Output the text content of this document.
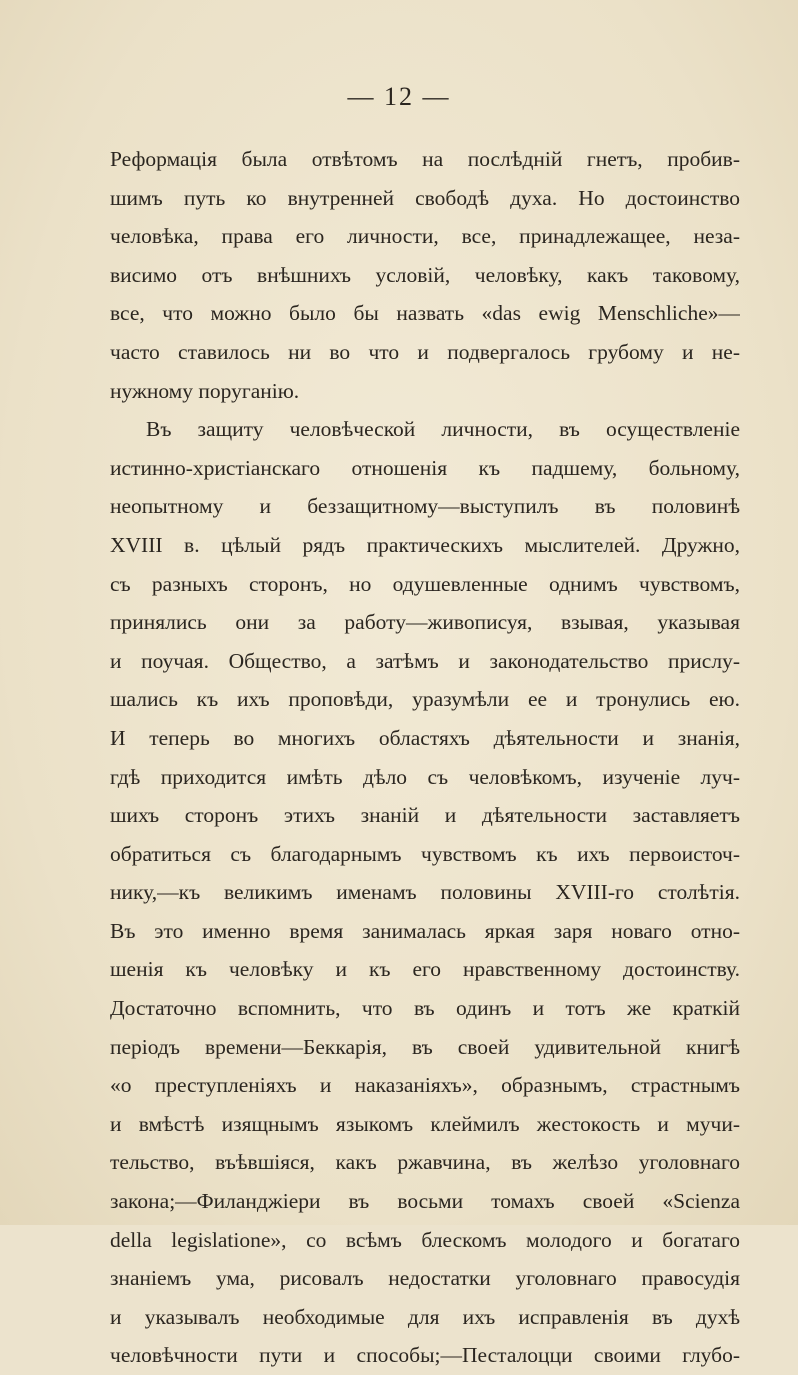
— 12 —
Реформація была отвѣтомъ на послѣдній гнетъ, пробив-
шимъ путь ко внутренней свободѣ духа. Но достоинство
человѣка, права его личности, все, принадлежащее, неза-
висимо отъ внѣшнихъ условій, человѣку, какъ таковому,
все, что можно было бы назвать «das ewig Menschliche»—
часто ставилось ни во что и подвергалось грубому и не-
нужному поруганію.
Въ защиту человѣческой личности, въ осуществленіе
истинно-христіанскаго отношенія къ падшему, больному,
неопытному и беззащитному—выступилъ въ половинѣ
XVIII в. цѣлый рядъ практическихъ мыслителей. Дружно,
съ разныхъ сторонъ, но одушевленные однимъ чувствомъ,
принялись они за работу—живописуя, взывая, указывая
и поучая. Общество, а затѣмъ и законодательство прислу-
шались къ ихъ проповѣди, уразумѣли ее и тронулись ею.
И теперь во многихъ областяхъ дѣятельности и знанія,
гдѣ приходится имѣть дѣло съ человѣкомъ, изученіе луч-
шихъ сторонъ этихъ знаній и дѣятельности заставляетъ
обратиться съ благодарнымъ чувствомъ къ ихъ первоисточ-
нику,—къ великимъ именамъ половины XVIII-го столѣтія.
Въ это именно время занималась яркая заря новаго отно-
шенія къ человѣку и къ его нравственному достоинству.
Достаточно вспомнить, что въ одинъ и тотъ же краткій
періодъ времени—Беккарія, въ своей удивительной книгѣ
«о преступленіяхъ и наказаніяхъ», образнымъ, страстнымъ
и вмѣстѣ изящнымъ языкомъ клеймилъ жестокость и мучи-
тельство, въѣвшіяся, какъ ржавчина, въ желѣзо уголовнаго
закона;—Филанджіери въ восьми томахъ своей «Scienza
della legislatione», со всѣмъ блескомъ молодого и богатаго
знаніемъ ума, рисовалъ недостатки уголовнаго правосудія
и указывалъ необходимые для ихъ исправленія въ духѣ
человѣчности пути и способы;—Песталоцци своими глубо-
